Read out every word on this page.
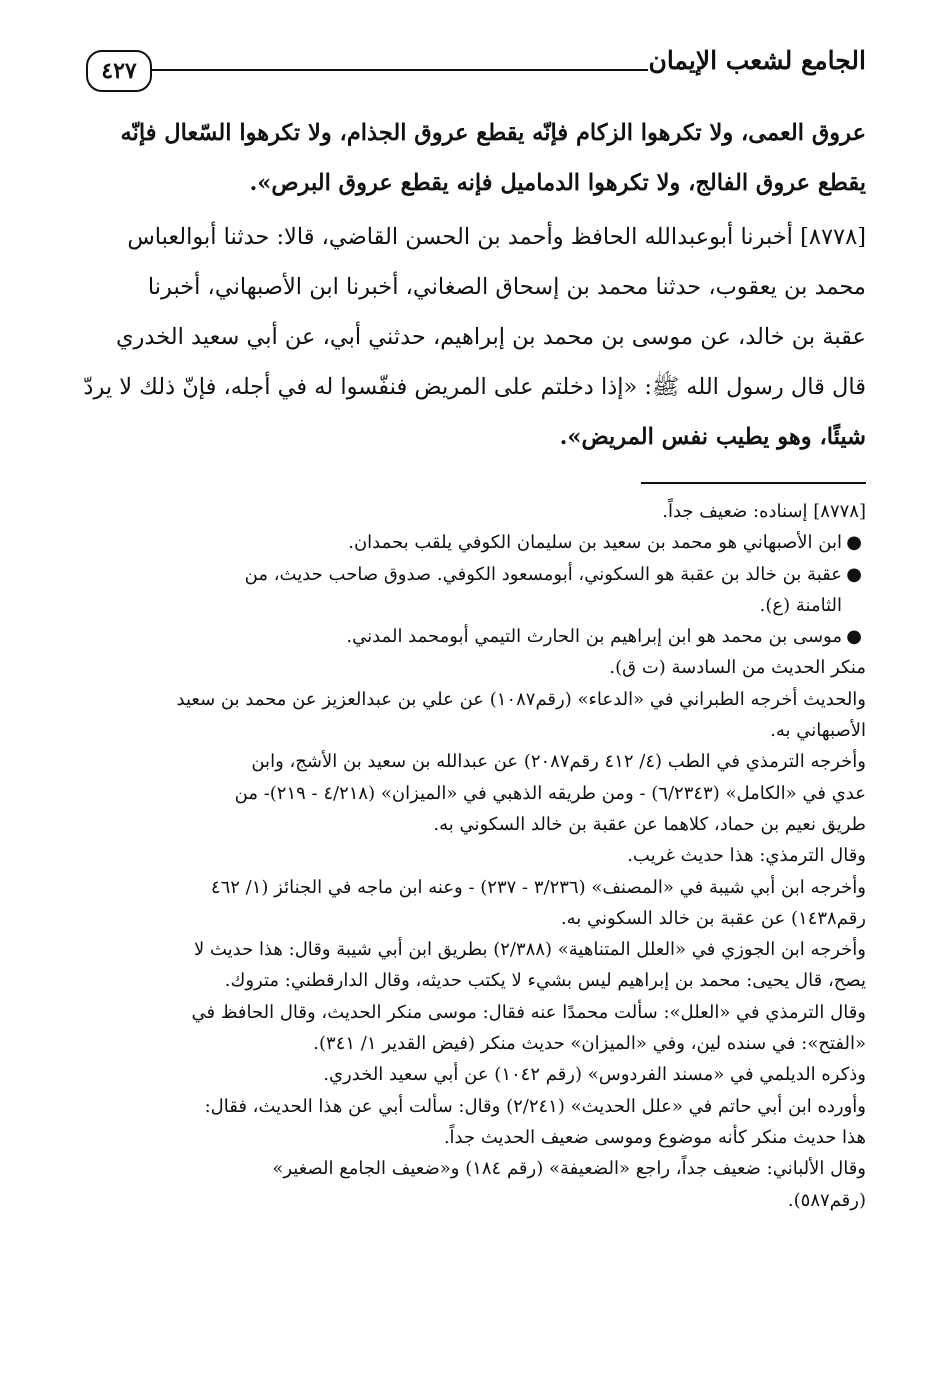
الجامع لشعب الإيمان
٤٢٧

عروق العمى، ولا تكرهوا الزكام فإنّه يقطع عروق الجذام، ولا تكرهوا السّعال فإنّه

يقطع عروق الفالج، ولا تكرهوا الدماميل فإنه يقطع عروق البرص».

[٨٧٧٨] أخبرنا أبوعبدالله الحافظ وأحمد بن الحسن القاضي، قالا: حدثنا أبوالعباس

محمد بن يعقوب، حدثنا محمد بن إسحاق الصغاني، أخبرنا ابن الأصبهاني، أخبرنا

عقبة بن خالد، عن موسى بن محمد بن إبراهيم، حدثني أبي، عن أبي سعيد الخدري

قال قال رسول الله ﷺ: «إذا دخلتم على المريض فنفّسوا له في أجله، فإنّ ذلك لا يردّ

شيئًا، وهو يطيب نفس المريض».

[٨٧٧٨] إسناده: ضعيف جداً.

●
ابن الأصبهاني هو محمد بن سعيد بن سليمان الكوفي يلقب بحمدان.

●
عقبة بن خالد بن عقبة هو السكوني، أبومسعود الكوفي. صدوق صاحب حديث، من

الثامنة (ع).

●
موسى بن محمد هو ابن إبراهيم بن الحارث التيمي أبومحمد المدني.

منكر الحديث من السادسة (ت ق).

والحديث أخرجه الطبراني في «الدعاء» (رقم١٠٨٧) عن علي بن عبدالعزيز عن محمد بن سعيد

الأصبهاني به.

وأخرجه الترمذي في الطب (٤/ ٤١٢ رقم٢٠٨٧) عن عبدالله بن سعيد بن الأشج، وابن

عدي في «الكامل» (٦/٢٣٤٣) - ومن طريقه الذهبي في «الميزان» (٤/٢١٨ - ٢١٩)- من

طريق نعيم بن حماد، كلاهما عن عقبة بن خالد السكوني به.

وقال الترمذي: هذا حديث غريب.

وأخرجه ابن أبي شيبة في «المصنف» (٣/٢٣٦ - ٢٣٧) - وعنه ابن ماجه في الجنائز (١/ ٤٦٢

رقم١٤٣٨) عن عقبة بن خالد السكوني به.

وأخرجه ابن الجوزي في «العلل المتناهية» (٢/٣٨٨) بطريق ابن أبي شيبة وقال: هذا حديث لا

يصح، قال يحيى: محمد بن إبراهيم ليس بشيء لا يكتب حديثه، وقال الدارقطني: متروك.

وقال الترمذي في «العلل»: سألت محمدًا عنه فقال: موسى منكر الحديث، وقال الحافظ في

«الفتح»: في سنده لين، وفي «الميزان» حديث منكر (فيض القدير ١/ ٣٤١).

وذكره الديلمي في «مسند الفردوس» (رقم ١٠٤٢) عن أبي سعيد الخدري.

وأورده ابن أبي حاتم في «علل الحديث» (٢/٢٤١) وقال: سألت أبي عن هذا الحديث، فقال:

هذا حديث منكر كأنه موضوع وموسى ضعيف الحديث جداً.

وقال الألباني: ضعيف جداً، راجع «الضعيفة» (رقم ١٨٤) و«ضعيف الجامع الصغير»

(رقم٥٨٧).
